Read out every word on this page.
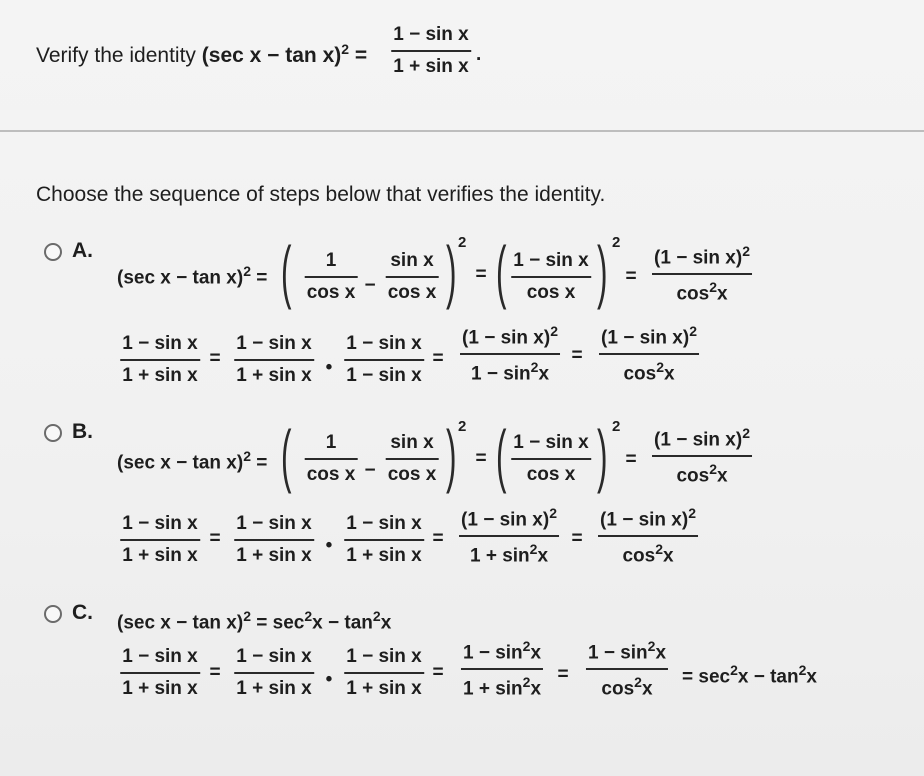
Verify the identity (sec x − tan x)$^2$ =
1 − sin x
1 + sin x
.
Choose the sequence of steps below that verifies the identity.
A.
(sec x − tan x)$^2$ = ( 1
cos x −
sin x
cos x ) 2
= ( 1 − sin x
cos x ) 2
=
$(1 - \sin x)^2$
$\cos^2x$
1 − sin x
1 + sin x
=
1 − sin x
1 + sin x •
1 − sin x
1 − sin x
=
$(1 - \sin x)^2$
$1 - \sin^2x$
=
$(1 - \sin x)^2$
$\cos^2x$
B.
(sec x − tan x)$^2$ = ( 1
cos x −
sin x
cos x ) 2
= ( 1 − sin x
cos x ) 2
=
$(1 - \sin x)^2$
$\cos^2x$
1 − sin x
1 + sin x
=
1 − sin x
1 + sin x •
1 − sin x
1 + sin x
=
$(1 - \sin x)^2$
$1 + \sin^2x$
=
$(1 - \sin x)^2$
$\cos^2x$
C. (sec $x - \tan x)^2 = \sec^2x - \tan^2x$
1 − sin x
1 + sin x
=
1 − sin x
1 + sin x •
1 − sin x
1 + sin x
=
$1 - \sin^2x$
$1 + \sin^2x$
=
$1 - \sin^2x$
$\cos^2x$
= $\sec^2x - \tan^2x$
